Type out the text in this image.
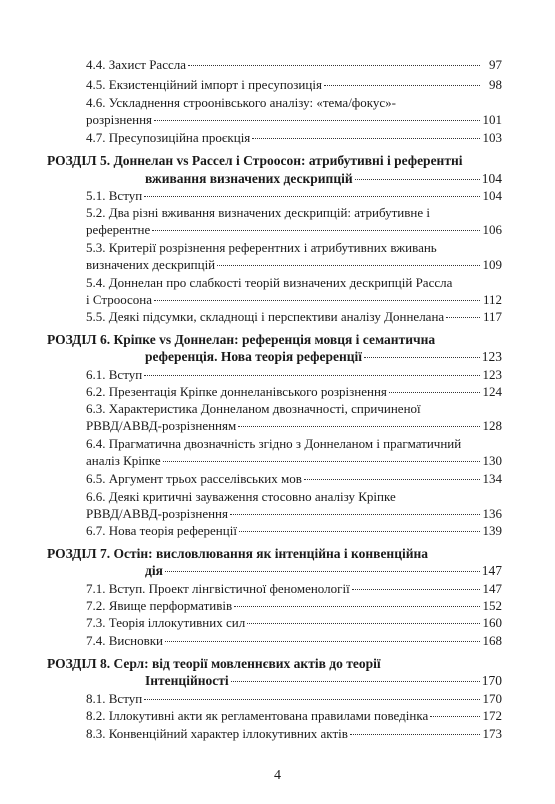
4.4. Захист Рассла	97
4.5. Екзистенційний імпорт і пресупозиція	98
4.6. Ускладнення строонівського аналізу: «тема/фокус»-
розрізнення	101
4.7. Пресупозиційна проєкція	103
РОЗДІЛ 5. Доннелан vs Рассел і Строосон: атрибутивні і референтні
вживання визначених дескрипцій	104
5.1. Вступ	104
5.2. Два різні вживання визначених дескрипцій: атрибутивне і
референтне	106
5.3. Критерії розрізнення референтних і атрибутивних вживань
визначених дескрипцій	109
5.4. Доннелан про слабкості теорій визначених дескрипцій Рассла
і Строосона	112
5.5. Деякі підсумки, складнощі і перспективи аналізу Доннелана	117
РОЗДІЛ 6. Кріпке vs Доннелан: референція мовця і семантична
референція. Нова теорія референції	123
6.1. Вступ	123
6.2. Презентація Кріпке доннеланівського розрізнення	124
6.3. Характеристика Доннеланом двозначності, спричиненої
РВВД/АВВД-розрізненням	128
6.4. Прагматична двозначність згідно з Доннеланом і прагматичний
аналіз Кріпке	130
6.5. Аргумент трьох расселівських мов	134
6.6. Деякі критичні зауваження стосовно аналізу Кріпке
РВВД/АВВД-розрізнення	136
6.7. Нова теорія референції	139
РОЗДІЛ 7. Остін: висловлювання як інтенційна і конвенційна
дія	147
7.1. Вступ. Проект лінгвістичної феноменології	147
7.2. Явище перформативів	152
7.3. Теорія іллокутивних сил	160
7.4. Висновки	168
РОЗДІЛ 8. Серл: від теорії мовленнєвих актів до теорії
Інтенційності	170
8.1. Вступ	170
8.2. Іллокутивні акти як регламентована правилами поведінка	172
8.3. Конвенційний характер іллокутивних актів	173
4
